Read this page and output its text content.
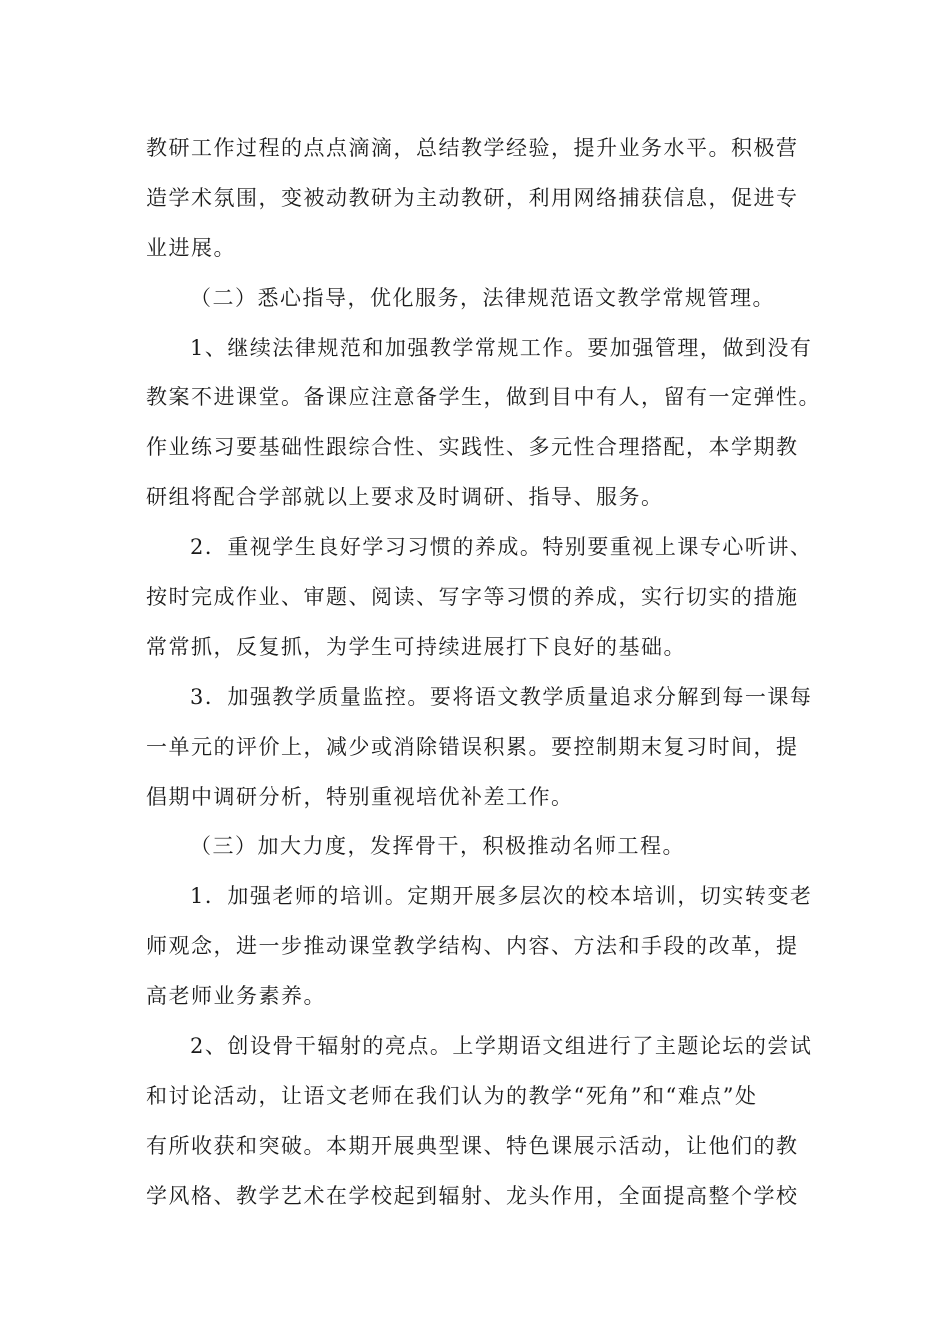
教研工作过程的点点滴滴，总结教学经验，提升业务水平。积极营
造学术氛围，变被动教研为主动教研，利用网络捕获信息，促进专
业进展。
（二）悉心指导，优化服务，法律规范语文教学常规管理。
1、继续法律规范和加强教学常规工作。要加强管理，做到没有
教案不进课堂。备课应注意备学生，做到目中有人，留有一定弹性。
作业练习要基础性跟综合性、实践性、多元性合理搭配，本学期教
研组将配合学部就以上要求及时调研、指导、服务。
2．重视学生良好学习习惯的养成。特别要重视上课专心听讲、
按时完成作业、审题、阅读、写字等习惯的养成，实行切实的措施
常常抓，反复抓，为学生可持续进展打下良好的基础。
3．加强教学质量监控。要将语文教学质量追求分解到每一课每
一单元的评价上，减少或消除错误积累。要控制期末复习时间，提
倡期中调研分析，特别重视培优补差工作。
（三）加大力度，发挥骨干，积极推动名师工程。
1．加强老师的培训。定期开展多层次的校本培训，切实转变老
师观念，进一步推动课堂教学结构、内容、方法和手段的改革，提
高老师业务素养。
2、创设骨干辐射的亮点。上学期语文组进行了主题论坛的尝试
和讨论活动，让语文老师在我们认为的教学“死角”和“难点”处
有所收获和突破。本期开展典型课、特色课展示活动，让他们的教
学风格、教学艺术在学校起到辐射、龙头作用，全面提高整个学校
